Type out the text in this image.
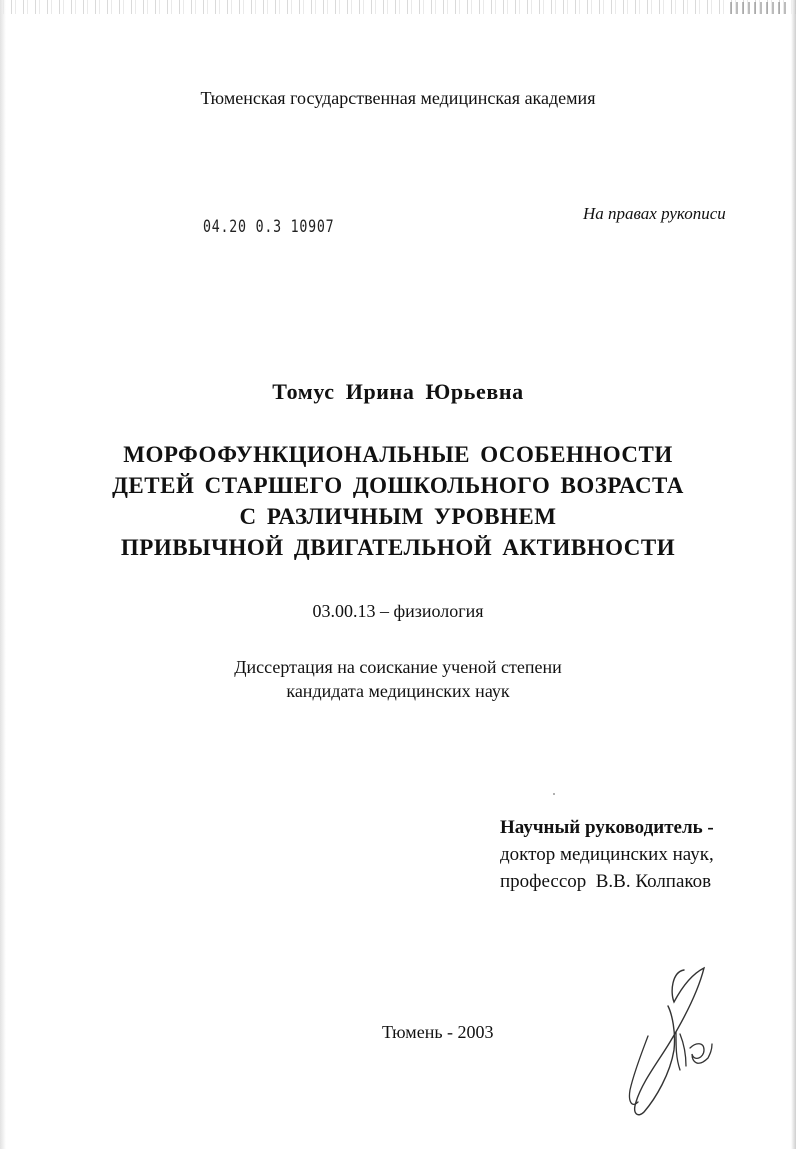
Тюменская государственная медицинская академия
04.20 0.3 10907
На правах рукописи
Томус Ирина Юрьевна
МОРФОФУНКЦИОНАЛЬНЫЕ ОСОБЕННОСТИ
ДЕТЕЙ СТАРШЕГО ДОШКОЛЬНОГО ВОЗРАСТА
С РАЗЛИЧНЫМ УРОВНЕМ
ПРИВЫЧНОЙ ДВИГАТЕЛЬНОЙ АКТИВНОСТИ
03.00.13 – физиология
Диссертация на соискание ученой степени
кандидата медицинских наук
Научный руководитель -
доктор медицинских наук,
профессор  В.В. Колпаков
Тюмень - 2003
